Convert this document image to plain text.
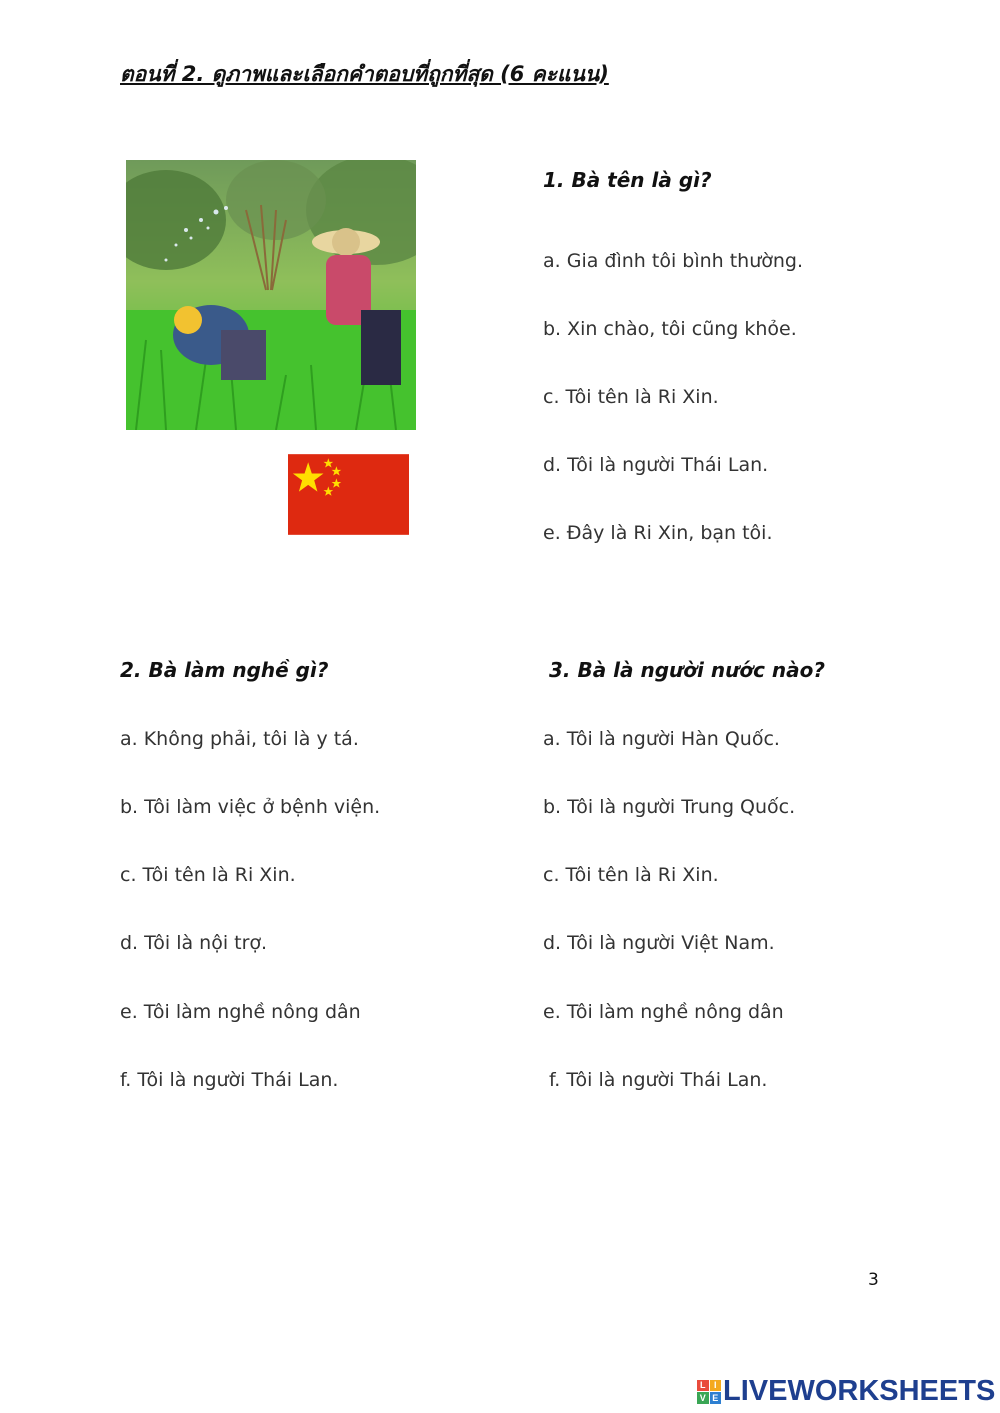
ตอนที่ 2. ดูภาพและเลือกคำตอบที่ถูกที่สุด (6 คะแนน)
1. Bà tên là gì?
a. Gia đình tôi bình thường.
b. Xin chào, tôi cũng khỏe.
c. Tôi tên là Ri Xin.
d. Tôi là người Thái Lan.
e. Đây là Ri Xin, bạn tôi.
2. Bà làm nghề gì?
a. Không phải, tôi là y tá.
b. Tôi làm việc ở bệnh viện.
c. Tôi tên là Ri Xin.
d. Tôi là nội trợ.
e. Tôi làm nghề nông dân
f. Tôi là người Thái Lan.
3. Bà là người nước nào?
a. Tôi là người Hàn Quốc.
b. Tôi là người Trung Quốc.
c. Tôi tên là Ri Xin.
d. Tôi là người Việt Nam.
e. Tôi làm nghề nông dân
f. Tôi là người Thái Lan.
3
L I
V E LIVEWORKSHEETS
